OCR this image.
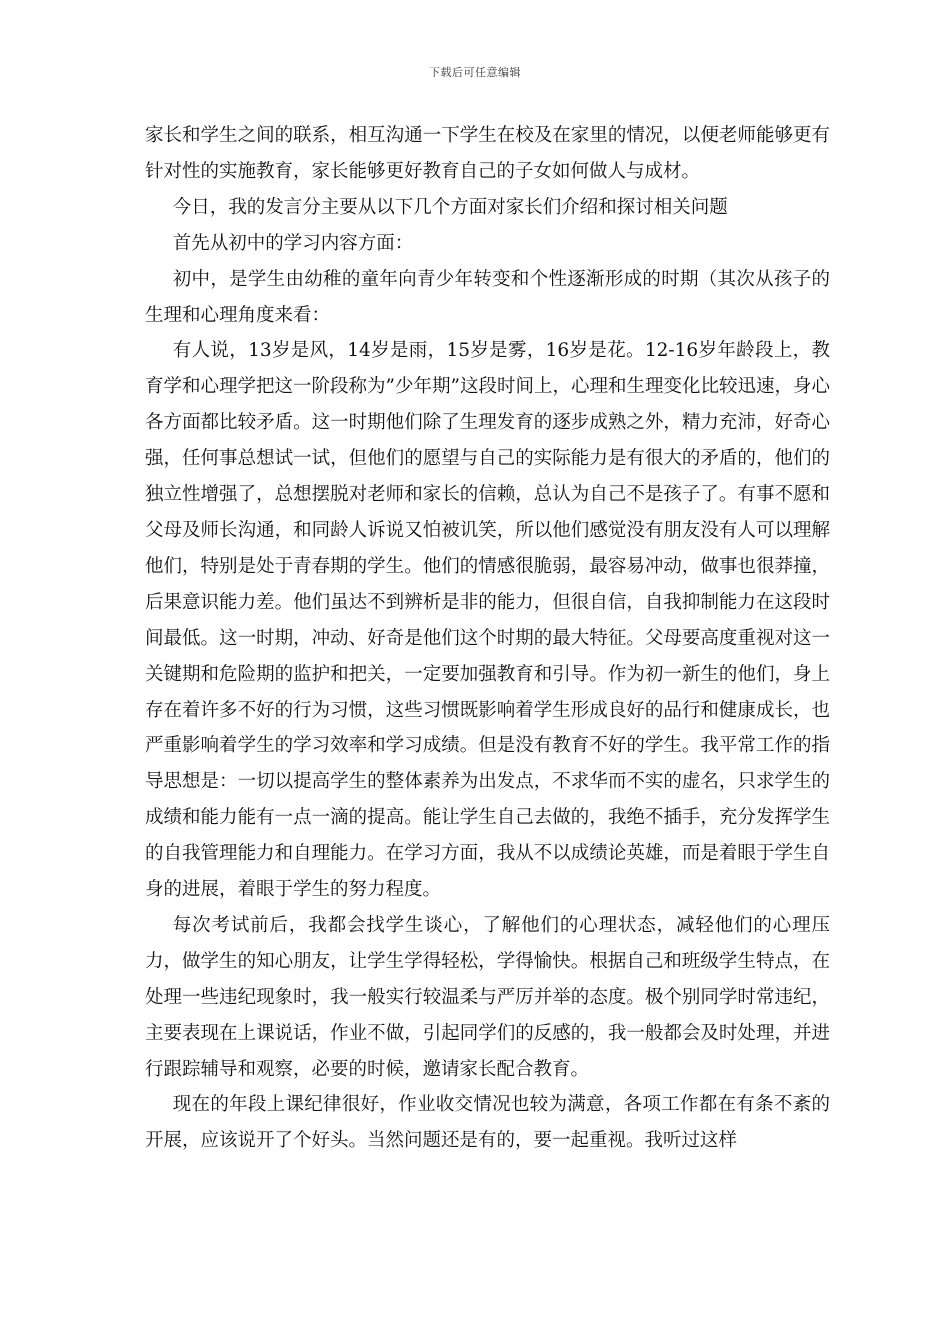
下载后可任意编辑

家长和学生之间的联系，相互沟通一下学生在校及在家里的情况，以便老师能够更有针对性的实施教育，家长能够更好教育自己的子女如何做人与成材。

今日，我的发言分主要从以下几个方面对家长们介绍和探讨相关问题

首先从初中的学习内容方面：

初中，是学生由幼稚的童年向青少年转变和个性逐渐形成的时期（其次从孩子的生理和心理角度来看：

有人说，13岁是风，14岁是雨，15岁是雾，16岁是花。12-16岁年龄段上，教育学和心理学把这一阶段称为”少年期”这段时间上，心理和生理变化比较迅速，身心各方面都比较矛盾。这一时期他们除了生理发育的逐步成熟之外，精力充沛，好奇心强，任何事总想试一试，但他们的愿望与自己的实际能力是有很大的矛盾的，他们的独立性增强了，总想摆脱对老师和家长的信赖，总认为自己不是孩子了。有事不愿和父母及师长沟通，和同龄人诉说又怕被讥笑，所以他们感觉没有朋友没有人可以理解他们，特别是处于青春期的学生。他们的情感很脆弱，最容易冲动，做事也很莽撞，后果意识能力差。他们虽达不到辨析是非的能力，但很自信，自我抑制能力在这段时间最低。这一时期，冲动、好奇是他们这个时期的最大特征。父母要高度重视对这一关键期和危险期的监护和把关，一定要加强教育和引导。作为初一新生的他们，身上存在着许多不好的行为习惯，这些习惯既影响着学生形成良好的品行和健康成长，也严重影响着学生的学习效率和学习成绩。但是没有教育不好的学生。我平常工作的指导思想是：一切以提高学生的整体素养为出发点，不求华而不实的虚名，只求学生的成绩和能力能有一点一滴的提高。能让学生自己去做的，我绝不插手，充分发挥学生的自我管理能力和自理能力。在学习方面，我从不以成绩论英雄，而是着眼于学生自身的进展，着眼于学生的努力程度。

每次考试前后，我都会找学生谈心，了解他们的心理状态，减轻他们的心理压力，做学生的知心朋友，让学生学得轻松，学得愉快。根据自己和班级学生特点，在处理一些违纪现象时，我一般实行较温柔与严厉并举的态度。极个别同学时常违纪，主要表现在上课说话，作业不做，引起同学们的反感的，我一般都会及时处理，并进行跟踪辅导和观察，必要的时候，邀请家长配合教育。

现在的年段上课纪律很好，作业收交情况也较为满意，各项工作都在有条不紊的开展，应该说开了个好头。当然问题还是有的，要一起重视。我听过这样
